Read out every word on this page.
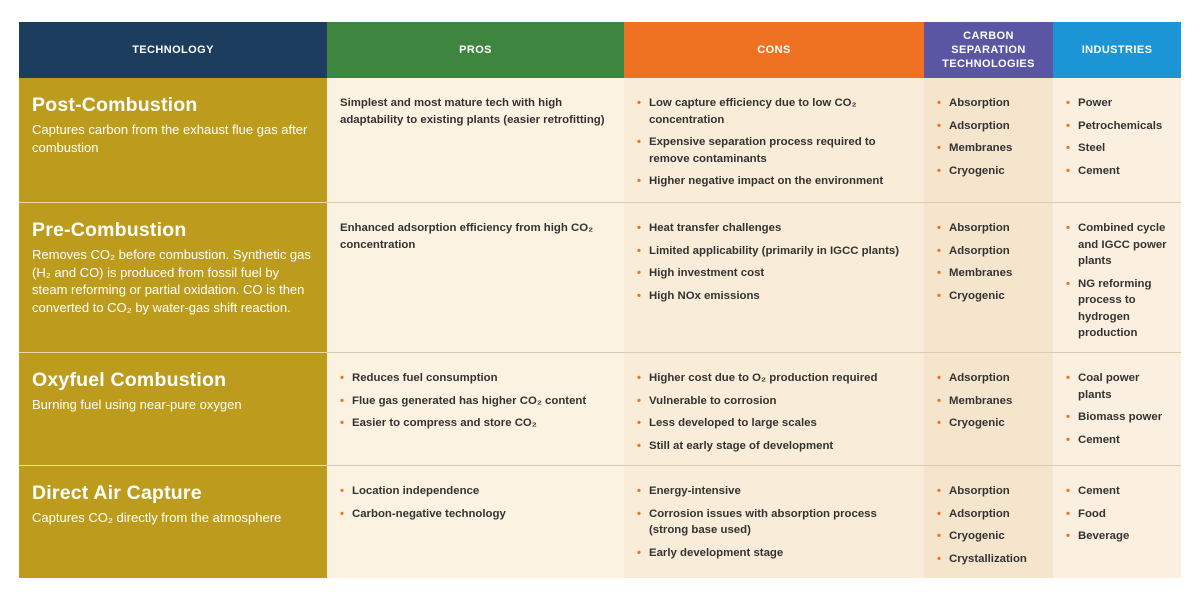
TECHNOLOGY	PROS	CONS
CARBON SEPARATION TECHNOLOGIES
INDUSTRIES
Post-Combustion
Captures carbon from the exhaust flue gas after combustion
Simplest and most mature tech with high adaptability to existing plants (easier retrofitting)
• Low capture efficiency due to low CO₂ concentration
• Expensive separation process required to remove contaminants
• Higher negative impact on the environment
• Absorption
• Adsorption
• Membranes
• Cryogenic
• Power
• Petrochemicals
• Steel
• Cement
Pre-Combustion
Removes CO₂ before combustion. Synthetic gas (H₂ and CO) is produced from fossil fuel by steam reforming or partial oxidation. CO is then converted to CO₂ by water-gas shift reaction.
Enhanced adsorption efficiency from high CO₂ concentration
• Heat transfer challenges
• Limited applicability (primarily in IGCC plants)
• High investment cost
• High NOx emissions
• Absorption
• Adsorption
• Membranes
• Cryogenic
• Combined cycle and IGCC power plants
• NG reforming process to hydrogen production
Oxyfuel Combustion
Burning fuel using near-pure oxygen
• Reduces fuel consumption
• Flue gas generated has higher CO₂ content
• Easier to compress and store CO₂
• Higher cost due to O₂ production required
• Vulnerable to corrosion
• Less developed to large scales
• Still at early stage of development
• Adsorption
• Membranes
• Cryogenic
• Coal power plants
• Biomass power
• Cement
Direct Air Capture
Captures CO₂ directly from the atmosphere
• Location independence
• Carbon-negative technology
• Energy-intensive
• Corrosion issues with absorption process (strong base used)
• Early development stage
• Absorption
• Adsorption
• Cryogenic
• Crystallization
• Cement
• Food
• Beverage
